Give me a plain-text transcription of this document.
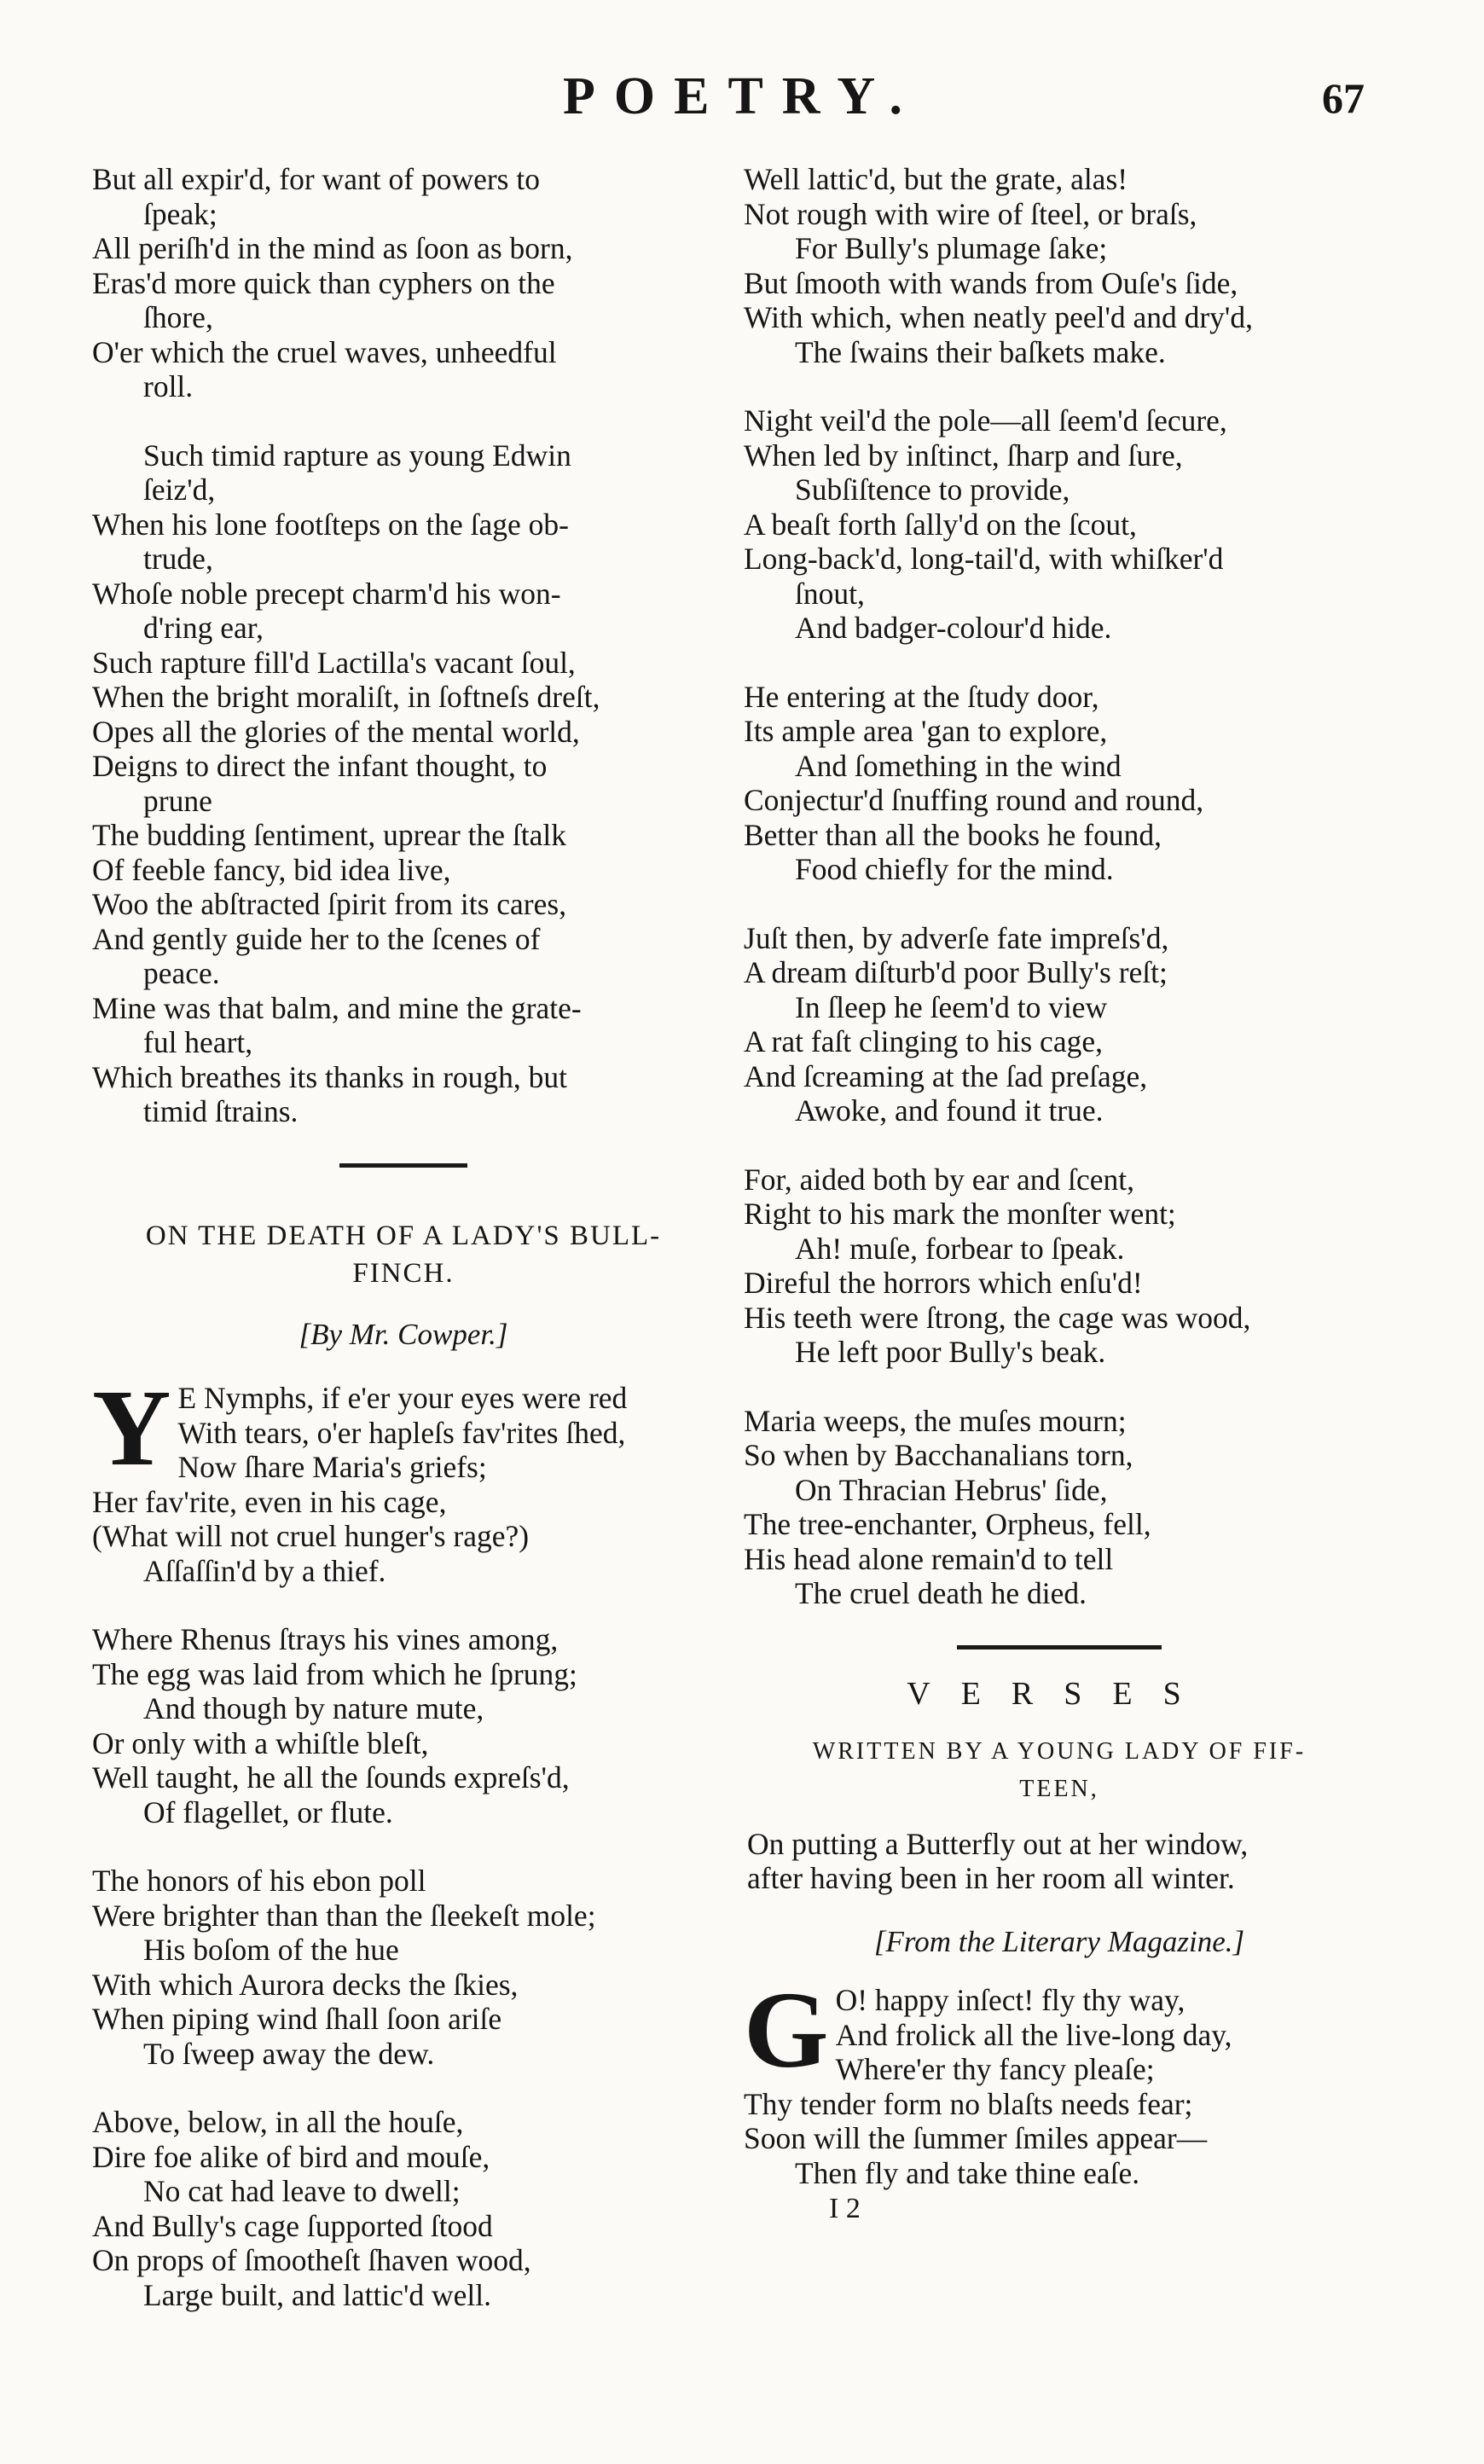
POETRY.	67
But all expir'd, for want of powers to
ſpeak;
All periſh'd in the mind as ſoon as born,
Eras'd more quick than cyphers on the
ſhore,
O'er which the cruel waves, unheedful
roll.
Such timid rapture as young Edwin
ſeiz'd,
When his lone footſteps on the ſage ob-
trude,
Whoſe noble precept charm'd his won-
d'ring ear,
Such rapture fill'd Lactilla's vacant ſoul,
When the bright moraliſt, in ſoftneſs dreſt,
Opes all the glories of the mental world,
Deigns to direct the infant thought, to
prune
The budding ſentiment, uprear the ſtalk
Of feeble fancy, bid idea live,
Woo the abſtracted ſpirit from its cares,
And gently guide her to the ſcenes of
peace.
Mine was that balm, and mine the grate-
ful heart,
Which breathes its thanks in rough, but
timid ſtrains.
ON THE DEATH OF A LADY'S BULL-
FINCH.
[By Mr. Cowper.]
Y E Nymphs, if e'er your eyes were red
With tears, o'er hapleſs fav'rites ſhed,
Now ſhare Maria's griefs;
Her fav'rite, even in his cage,
(What will not cruel hunger's rage?)
Aſſaſſin'd by a thief.
Where Rhenus ſtrays his vines among,
The egg was laid from which he ſprung;
And though by nature mute,
Or only with a whiſtle bleſt,
Well taught, he all the ſounds expreſs'd,
Of flagellet, or flute.
The honors of his ebon poll
Were brighter than than the ſleekeſt mole;
His boſom of the hue
With which Aurora decks the ſkies,
When piping wind ſhall ſoon ariſe
To ſweep away the dew.
Above, below, in all the houſe,
Dire foe alike of bird and mouſe,
No cat had leave to dwell;
And Bully's cage ſupported ſtood
On props of ſmootheſt ſhaven wood,
Large built, and lattic'd well.
Well lattic'd, but the grate, alas!
Not rough with wire of ſteel, or braſs,
For Bully's plumage ſake;
But ſmooth with wands from Ouſe's ſide,
With which, when neatly peel'd and dry'd,
The ſwains their baſkets make.
Night veil'd the pole—all ſeem'd ſecure,
When led by inſtinct, ſharp and ſure,
Subſiſtence to provide,
A beaſt forth ſally'd on the ſcout,
Long-back'd, long-tail'd, with whiſker'd
ſnout,
And badger-colour'd hide.
He entering at the ſtudy door,
Its ample area 'gan to explore,
And ſomething in the wind
Conjectur'd ſnuffing round and round,
Better than all the books he found,
Food chiefly for the mind.
Juſt then, by adverſe fate impreſs'd,
A dream diſturb'd poor Bully's reſt;
In ſleep he ſeem'd to view
A rat faſt clinging to his cage,
And ſcreaming at the ſad preſage,
Awoke, and found it true.
For, aided both by ear and ſcent,
Right to his mark the monſter went;
Ah! muſe, forbear to ſpeak.
Direful the horrors which enſu'd!
His teeth were ſtrong, the cage was wood,
He left poor Bully's beak.
Maria weeps, the muſes mourn;
So when by Bacchanalians torn,
On Thracian Hebrus' ſide,
The tree-enchanter, Orpheus, fell,
His head alone remain'd to tell
The cruel death he died.
VERSES
WRITTEN BY A YOUNG LADY OF FIF-
TEEN,
On putting a Butterfly out at her window,
after having been in her room all winter.
[From the Literary Magazine.]
G O! happy inſect! fly thy way,
And frolick all the live-long day,
Where'er thy fancy pleaſe;
Thy tender form no blaſts needs fear;
Soon will the ſummer ſmiles appear—
Then fly and take thine eaſe.
I 2
